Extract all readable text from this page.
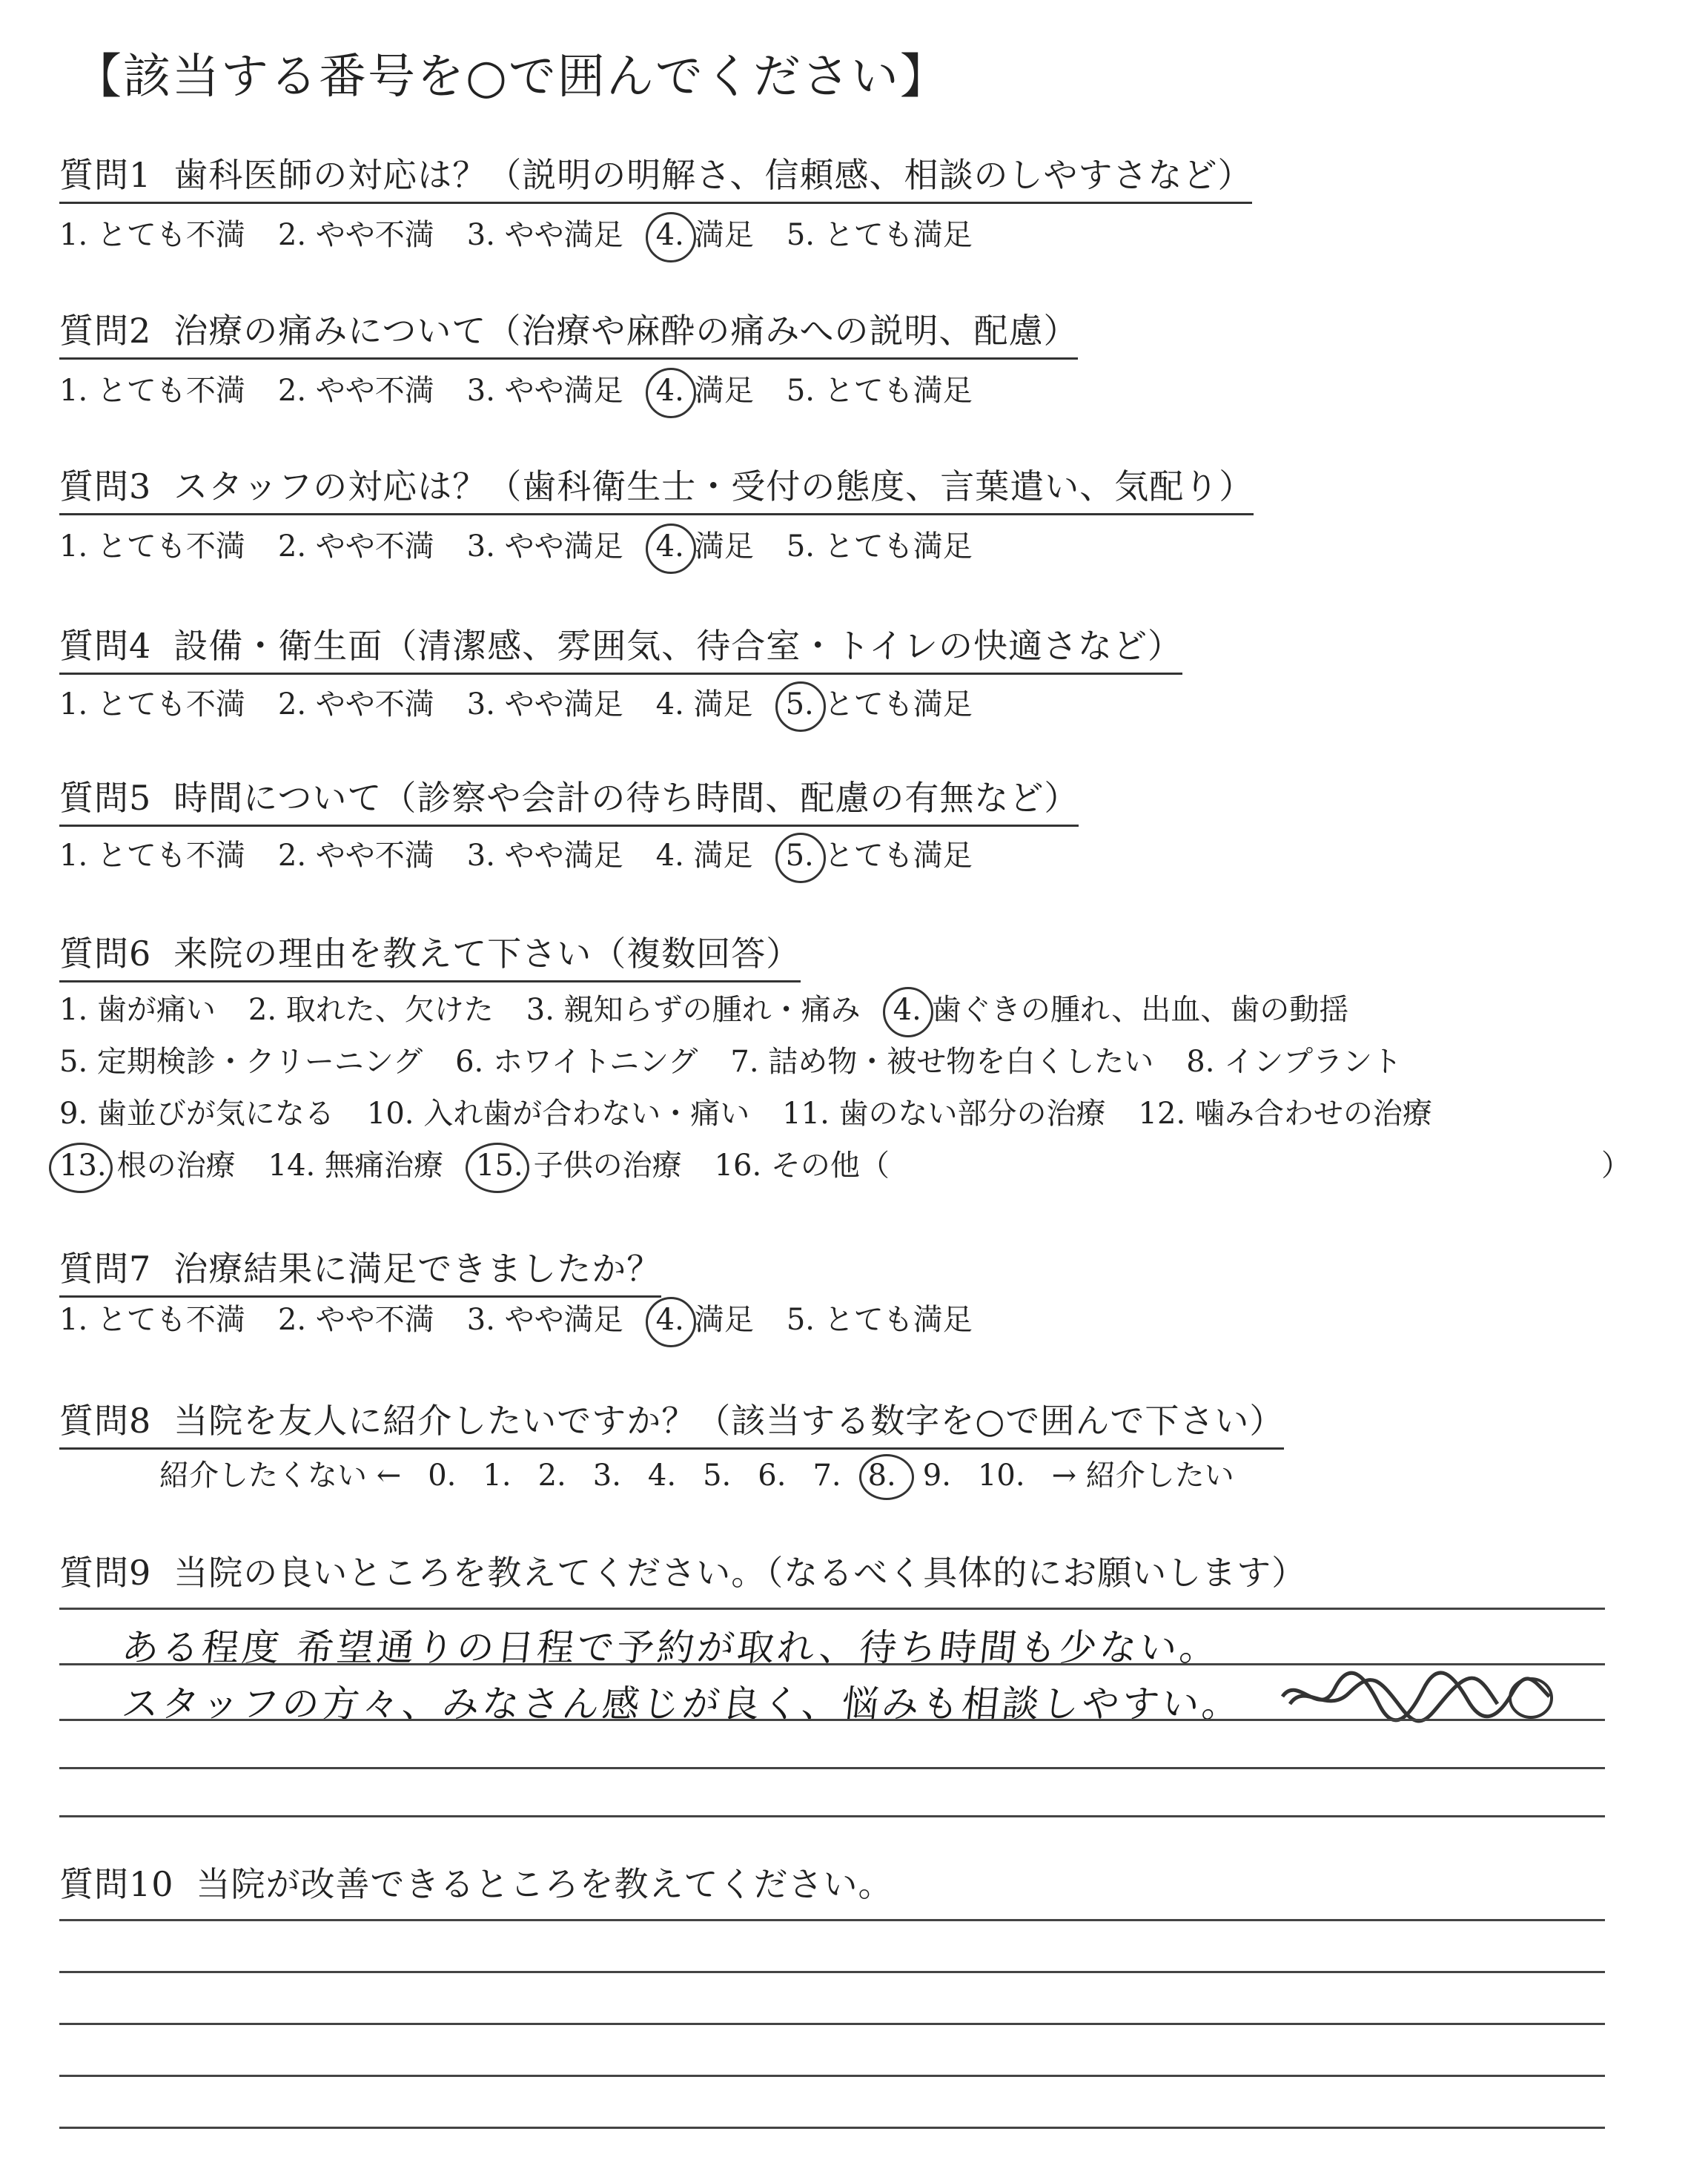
【該当する番号を○で囲んでください】
質問1 歯科医師の対応は？（説明の明解さ、信頼感、相談のしやすさなど）
1. とても不満 2. やや不満 3. やや満足 4. 満足 5. とても満足
質問2 治療の痛みについて（治療や麻酔の痛みへの説明、配慮）
1. とても不満 2. やや不満 3. やや満足 4. 満足 5. とても満足
質問3 スタッフの対応は？（歯科衛生士・受付の態度、言葉遣い、気配り）
1. とても不満 2. やや不満 3. やや満足 4. 満足 5. とても満足
質問4 設備・衛生面（清潔感、雰囲気、待合室・トイレの快適さなど）
1. とても不満 2. やや不満 3. やや満足 4. 満足 5. とても満足
質問5 時間について（診察や会計の待ち時間、配慮の有無など）
1. とても不満 2. やや不満 3. やや満足 4. 満足 5. とても満足
質問6 来院の理由を教えて下さい（複数回答）
1. 歯が痛い 2. 取れた、欠けた 3. 親知らずの腫れ・痛み 4. 歯ぐきの腫れ、出血、歯の動揺
5. 定期検診・クリーニング 6. ホワイトニング 7. 詰め物・被せ物を白くしたい 8. インプラント
9. 歯並びが気になる 10. 入れ歯が合わない・痛い 11. 歯のない部分の治療 12. 噛み合わせの治療
13. 根の治療 14. 無痛治療 15. 子供の治療 16. その他（	）
質問7 治療結果に満足できましたか？
1. とても不満 2. やや不満 3. やや満足 4. 満足 5. とても満足
質問8 当院を友人に紹介したいですか？（該当する数字を○で囲んで下さい）
紹介したくない ← 0. 1. 2. 3. 4. 5. 6. 7. 8. 9. 10. → 紹介したい
質問9 当院の良いところを教えてください。（なるべく具体的にお願いします）
ある程度 希望通りの日程で予約が取れ、待ち時間も少ない。
スタッフの方々、みなさん感じが良く、悩みも相談しやすい。
質問10 当院が改善できるところを教えてください。
